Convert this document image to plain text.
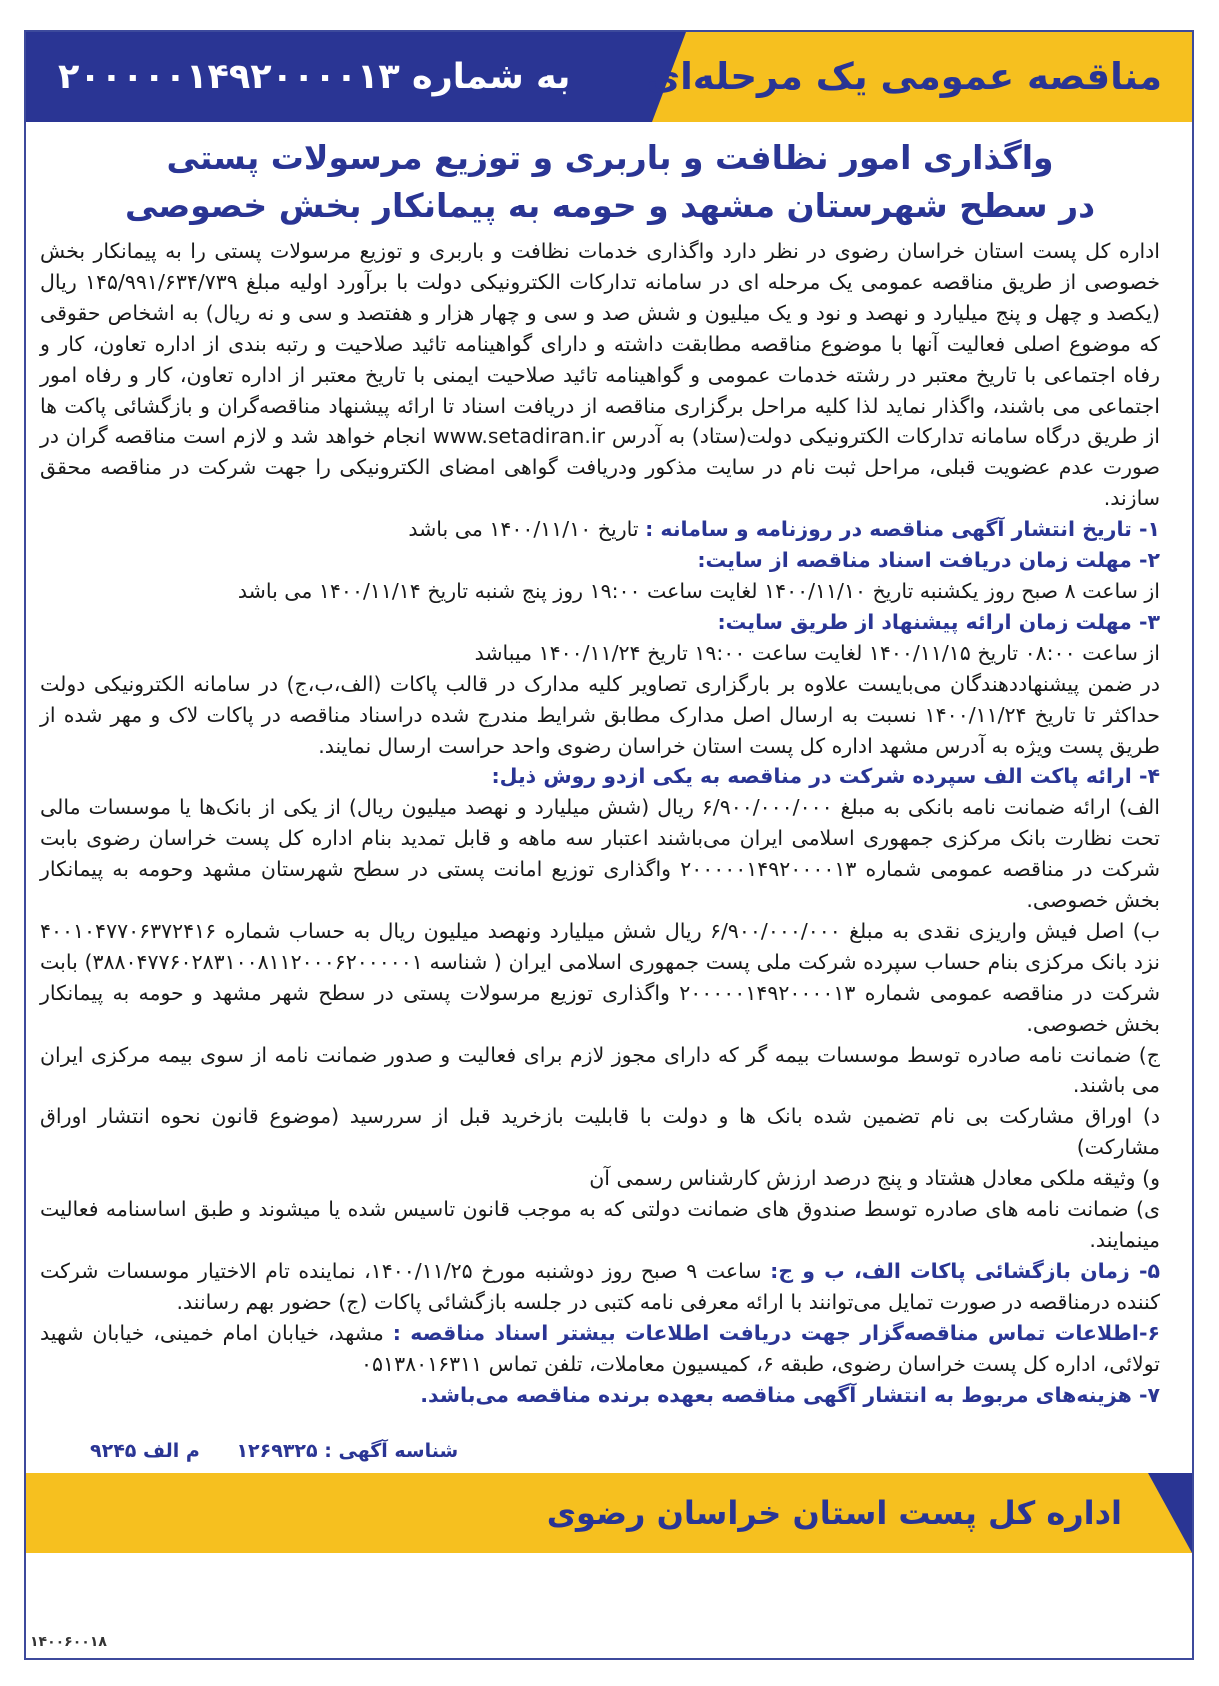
مناقصه عمومی یک مرحله‌ای
به شماره ۲۰۰۰۰۰۱۴۹۲۰۰۰۰۱۳
واگذاری امور نظافت و باربری و توزیع مرسولات پستی
در سطح شهرستان مشهد و حومه به پیمانکار بخش خصوصی

اداره کل پست استان خراسان رضوی در نظر دارد واگذاری خدمات نظافت و باربری و توزیع مرسولات پستی را به پیمانکار بخش خصوصی از طریق مناقصه عمومی یک مرحله ای در سامانه تدارکات الکترونیکی دولت با برآورد اولیه مبلغ ۱۴۵/۹۹۱/۶۳۴/۷۳۹ ریال (یکصد و چهل و پنج میلیارد و نهصد و نود و یک میلیون و شش صد و سی و چهار هزار و هفتصد و سی و نه ریال) به اشخاص حقوقی که موضوع اصلی فعالیت آنها با موضوع مناقصه مطابقت داشته و دارای گواهینامه تائید صلاحیت و رتبه بندی از اداره تعاون، کار و رفاه اجتماعی با تاریخ معتبر در رشته خدمات عمومی و گواهینامه تائید صلاحیت ایمنی با تاریخ معتبر از اداره تعاون، کار و رفاه امور اجتماعی می باشند، واگذار نماید لذا کلیه مراحل برگزاری مناقصه از دریافت اسناد تا ارائه پیشنهاد مناقصه‌گران و بازگشائی پاکت ها از طریق درگاه سامانه تدارکات الکترونیکی دولت(ستاد) به آدرس www.setadiran.ir انجام خواهد شد و لازم است مناقصه گران در صورت عدم عضویت قبلی، مراحل ثبت نام در سایت مذکور ودریافت گواهی امضای الکترونیکی را جهت شرکت در مناقصه محقق سازند.

۱- تاریخ انتشار آگهی مناقصه در روزنامه و سامانه : تاریخ ۱۴۰۰/۱۱/۱۰ می باشد

۲- مهلت زمان دریافت اسناد مناقصه از سایت:

از ساعت ۸ صبح روز یکشنبه تاریخ ۱۴۰۰/۱۱/۱۰ لغایت ساعت ۱۹:۰۰ روز پنج شنبه تاریخ ۱۴۰۰/۱۱/۱۴ می باشد

۳- مهلت زمان ارائه پیشنهاد از طریق سایت:

از ساعت ۰۸:۰۰ تاریخ ۱۴۰۰/۱۱/۱۵ لغایت ساعت ۱۹:۰۰ تاریخ ۱۴۰۰/۱۱/۲۴ میباشد

در ضمن پیشنهاددهندگان می‌بایست علاوه بر بارگزاری تصاویر کلیه مدارک در قالب پاکات (الف،ب،ج) در سامانه الکترونیکی دولت حداکثر تا تاریخ ۱۴۰۰/۱۱/۲۴ نسبت به ارسال اصل مدارک مطابق شرایط مندرج شده دراسناد مناقصه در پاکات لاک و مهر شده از طریق پست ویژه به آدرس مشهد اداره کل پست استان خراسان رضوی واحد حراست ارسال نمایند.

۴- ارائه پاکت الف سپرده شرکت در مناقصه به یکی ازدو روش ذیل:

الف) ارائه ضمانت نامه بانکی به مبلغ ۶/۹۰۰/۰۰۰/۰۰۰ ریال (شش میلیارد و نهصد میلیون ریال) از یکی از بانک‌ها یا موسسات مالی تحت نظارت بانک مرکزی جمهوری اسلامی ایران می‌باشند اعتبار سه ماهه و قابل تمدید بنام اداره کل پست خراسان رضوی بابت شرکت در مناقصه عمومی شماره ۲۰۰۰۰۰۱۴۹۲۰۰۰۰۱۳ واگذاری توزیع امانت پستی در سطح شهرستان مشهد وحومه به پیمانکار بخش خصوصی.

ب) اصل فیش واریزی نقدی به مبلغ ۶/۹۰۰/۰۰۰/۰۰۰ ریال شش میلیارد ونهصد میلیون ریال به حساب شماره ۴۰۰۱۰۴۷۷۰۶۳۷۲۴۱۶ نزد بانک مرکزی بنام حساب سپرده شرکت ملی پست جمهوری اسلامی ایران ( شناسه ۳۸۸۰۴۷۷۶۰۲۸۳۱۰۰۸۱۱۲۰۰۰۶۲۰۰۰۰۰۱) بابت شرکت در مناقصه عمومی شماره ۲۰۰۰۰۰۱۴۹۲۰۰۰۰۱۳ واگذاری توزیع مرسولات پستی در سطح شهر مشهد و حومه به پیمانکار بخش خصوصی.

ج) ضمانت نامه صادره توسط موسسات بیمه گر که دارای مجوز لازم برای فعالیت و صدور ضمانت نامه از سوی بیمه مرکزی ایران می باشند.

د) اوراق مشارکت بی نام تضمین شده بانک ها و دولت با قابلیت بازخرید قبل از سررسید (موضوع قانون نحوه انتشار اوراق مشارکت)

و) وثیقه ملکی معادل هشتاد و پنج درصد ارزش کارشناس رسمی آن

ی) ضمانت نامه های صادره توسط صندوق های ضمانت دولتی که به موجب قانون تاسیس شده یا میشوند و طبق اساسنامه فعالیت مینمایند.

۵- زمان بازگشائی پاکات الف، ب و ج: ساعت ۹ صبح روز دوشنبه مورخ ۱۴۰۰/۱۱/۲۵، نماینده تام الاختیار موسسات شرکت کننده درمناقصه در صورت تمایل می‌توانند با ارائه معرفی نامه کتبی در جلسه بازگشائی پاکات (ج) حضور بهم رسانند.

۶-اطلاعات تماس مناقصه‌گزار جهت دریافت اطلاعات بیشتر اسناد مناقصه : مشهد، خیابان امام خمینی، خیابان شهید تولائی، اداره کل پست خراسان رضوی، طبقه ۶، کمیسیون معاملات، تلفن تماس ۰۵۱۳۸۰۱۶۳۱۱

۷- هزینه‌های مربوط به انتشار آگهی مناقصه بعهده برنده مناقصه می‌باشد.

شناسه آگهی : ۱۲۶۹۳۲۵ م الف ۹۲۴۵
اداره کل پست استان خراسان رضوی
۱۴۰۰۶۰۰۱۸
